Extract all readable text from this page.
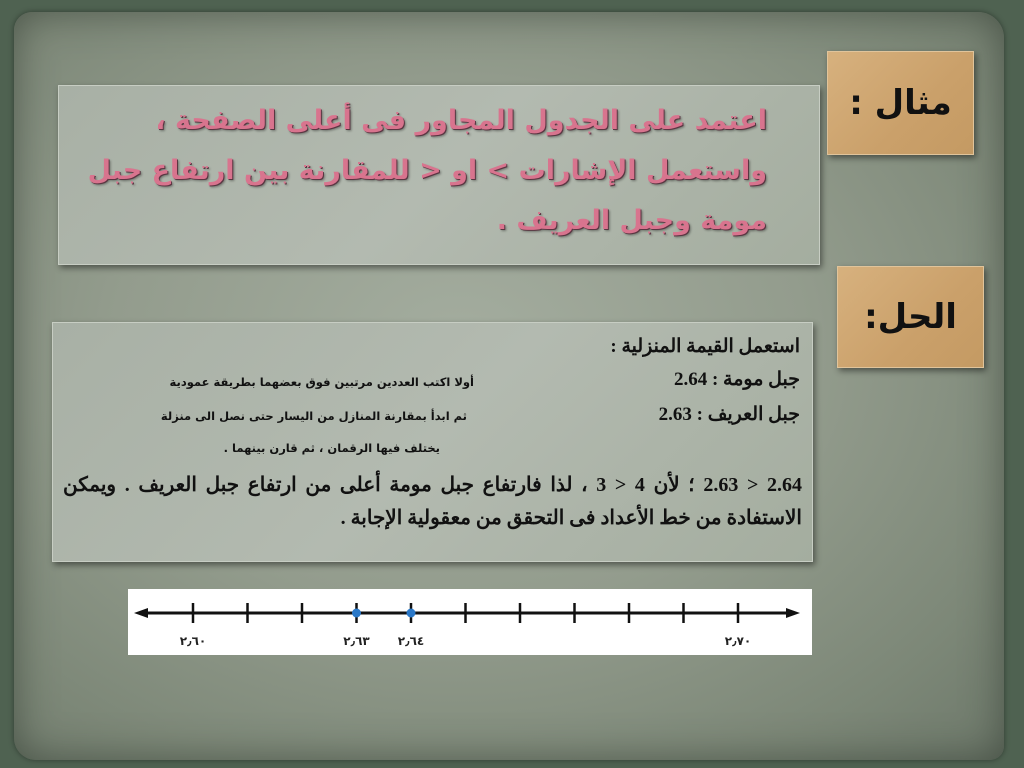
مثال :

اعتمد على الجدول المجاور فى أعلى الصفحة ، واستعمل الإشارات > او < للمقارنة بين ارتفاع جبل مومة وجبل العريف .

الحل:
استعمل القيمة المنزلية :
جبل مومة : 2.64
جبل العريف : 2.63
أولا اكتب العددين مرتبين فوق بعضهما بطريقة عمودية
ثم ابدأ بمقارنة المنازل من اليسار حتى نصل الى منزلة
يختلف فيها الرقمان ، ثم قارن بينهما .
2.64 < 2.63 ؛ لأن 4 < 3 ، لذا فارتفاع جبل مومة أعلى من ارتفاع جبل العريف . ويمكن الاستفادة من خط الأعداد فى التحقق من معقولية الإجابة .
٢٫٦٠	٢٫٦٣ ٢٫٦٤	٢٫٧٠
